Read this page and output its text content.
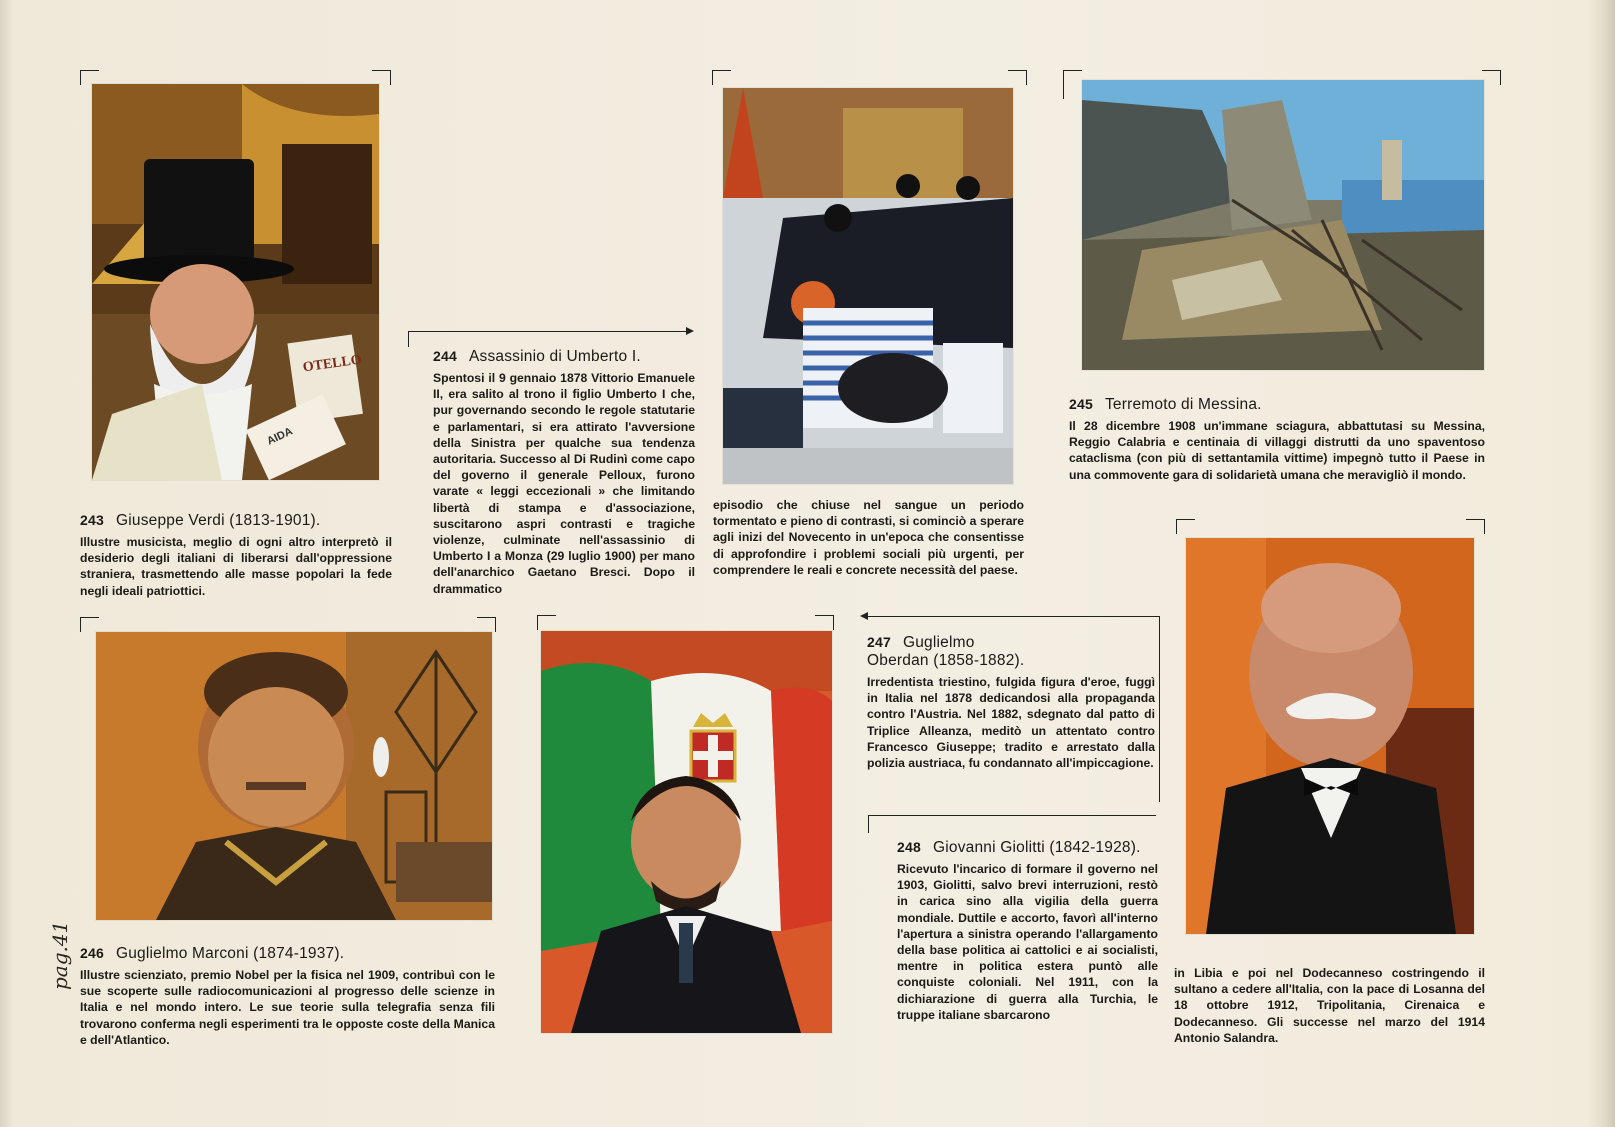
OTELLO
AIDA
243 Giuseppe Verdi (1813-1901).

Illustre musicista, meglio di ogni altro interpretò il desiderio degli italiani di liberarsi dall'oppressione straniera, trasmettendo alle masse popolari la fede negli ideali patriottici.

244 Assassinio di Umberto I.

Spentosi il 9 gennaio 1878 Vittorio Emanuele II, era salito al trono il figlio Umberto I che, pur governando secondo le regole statutarie e parlamentari, si era attirato l'avversione della Sinistra per qualche sua tendenza autoritaria. Successo al Di Rudinì come capo del governo il generale Pelloux, furono varate « leggi eccezionali » che limitando libertà di stampa e d'associazione, suscitarono aspri contrasti e tragiche violenze, culminate nell'assassinio di Umberto I a Monza (29 luglio 1900) per mano dell'anarchico Gaetano Bresci. Dopo il drammatico

episodio che chiuse nel sangue un periodo tormentato e pieno di contrasti, si cominciò a sperare agli inizi del Novecento in un'epoca che consentisse di approfondire i problemi sociali più urgenti, per comprendere le reali e concrete necessità del paese.

245 Terremoto di Messina.

Il 28 dicembre 1908 un'immane sciagura, abbattutasi su Messina, Reggio Calabria e centinaia di villaggi distrutti da uno spaventoso cataclisma (con più di settantamila vittime) impegnò tutto il Paese in una commovente gara di solidarietà umana che meravigliò il mondo.

246 Guglielmo Marconi (1874-1937).

Illustre scienziato, premio Nobel per la fisica nel 1909, contribuì con le sue scoperte sulle radiocomunicazioni al progresso delle scienze in Italia e nel mondo intero. Le sue teorie sulla telegrafia senza fili trovarono conferma negli esperimenti tra le opposte coste della Manica e dell'Atlantico.

247 Guglielmo Oberdan (1858-1882).

Irredentista triestino, fulgida figura d'eroe, fuggì in Italia nel 1878 dedicandosi alla propaganda contro l'Austria. Nel 1882, sdegnato dal patto di Triplice Alleanza, meditò un attentato contro Francesco Giuseppe; tradito e arrestato dalla polizia austriaca, fu condannato all'impiccagione.

in Libia e poi nel Dodecanneso costringendo il sultano a cedere all'Italia, con la pace di Losanna del 18 ottobre 1912, Tripolitania, Cirenaica e Dodecanneso. Gli successe nel marzo del 1914 Antonio Salandra.

248 Giovanni Giolitti (1842-1928).

Ricevuto l'incarico di formare il governo nel 1903, Giolitti, salvo brevi interruzioni, restò in carica sino alla vigilia della guerra mondiale. Duttile e accorto, favorì all'interno l'apertura a sinistra operando l'allargamento della base politica ai cattolici e ai socialisti, mentre in politica estera puntò alle conquiste coloniali. Nel 1911, con la dichiarazione di guerra alla Turchia, le truppe italiane sbarcarono

pag.41
